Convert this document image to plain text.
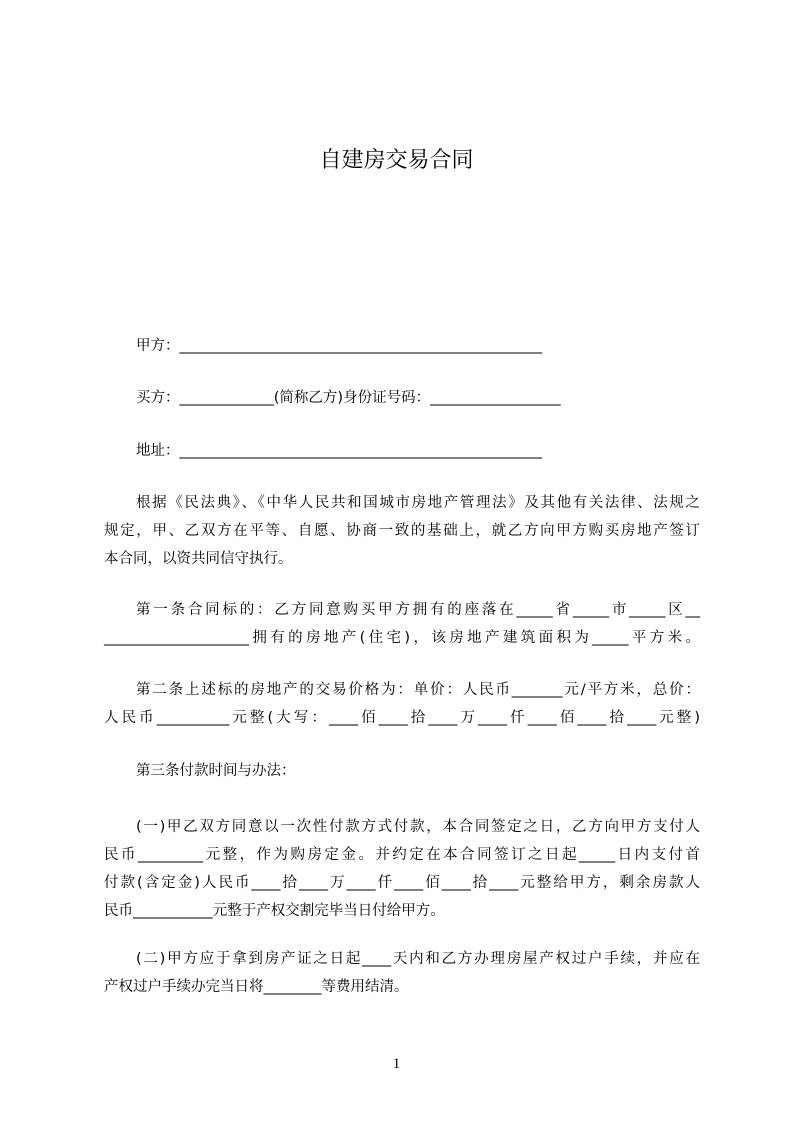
自建房交易合同
甲方：__________________________________________________
买方：_____________(简称乙方)身份证号码：__________________
地址：__________________________________________________
根据《民法典》、《中华人民共和国城市房地产管理法》及其他有关法律、法规之
规定，甲、乙双方在平等、自愿、协商一致的基础上，就乙方向甲方购买房地产签订
本合同，以资共同信守执行。
第一条合同标的：乙方同意购买甲方拥有的座落在_____省_____市_____区__
____________________拥有的房地产(住宅)，该房地产建筑面积为_____平方米。
第二条上述标的房地产的交易价格为：单价：人民币_______元/平方米，总价：
人民币__________元整(大写：____佰____拾____万____仟____佰____拾____元整)
第三条付款时间与办法：
(一)甲乙双方同意以一次性付款方式付款，本合同签定之日，乙方向甲方支付人
民币_________元整，作为购房定金。并约定在本合同签订之日起_____日内支付首
付款(含定金)人民币____拾____万____仟____佰____拾____元整给甲方，剩余房款人
民币___________元整于产权交割完毕当日付给甲方。
(二)甲方应于拿到房产证之日起____天内和乙方办理房屋产权过户手续，并应在
产权过户手续办完当日将________等费用结清。
1
